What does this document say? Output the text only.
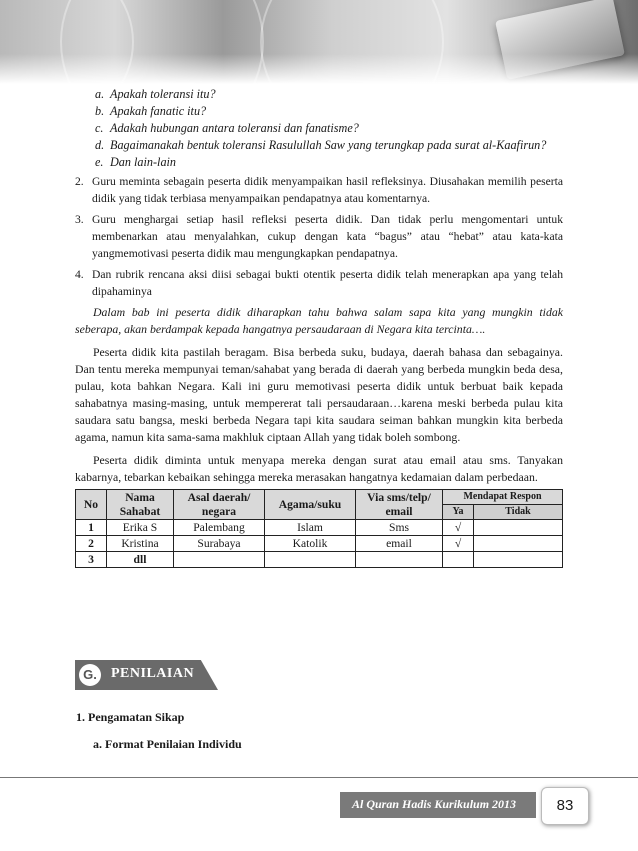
a. Apakah toleransi itu?
b. Apakah fanatic itu?
c. Adakah hubungan antara toleransi dan fanatisme?
d. Bagaimanakah bentuk toleransi Rasulullah Saw yang terungkap pada surat al-Kaafirun?
e. Dan lain-lain
2. Guru meminta sebagain peserta didik menyampaikan hasil refleksinya. Diusahakan memilih peserta didik yang tidak terbiasa menyampaikan pendapatnya atau komentarnya.
3. Guru menghargai setiap hasil refleksi peserta didik. Dan tidak perlu mengomentari untuk membenarkan atau menyalahkan, cukup dengan kata “bagus” atau “hebat” atau kata-kata yangmemotivasi peserta didik mau mengungkapkan pendapatnya.
4. Dan rubrik rencana aksi diisi sebagai bukti otentik peserta didik telah menerapkan apa yang telah dipahaminya

Dalam bab ini peserta didik diharapkan tahu bahwa salam sapa kita yang mungkin tidak seberapa, akan berdampak kepada hangatnya persaudaraan di Negara kita tercinta….

Peserta didik kita pastilah beragam. Bisa berbeda suku, budaya, daerah bahasa dan sebagainya. Dan tentu mereka mempunyai teman/sahabat yang berada di daerah yang berbeda mungkin beda desa, pulau, kota bahkan Negara. Kali ini guru memotivasi peserta didik untuk berbuat baik kepada sahabatnya masing-masing, untuk mempererat tali persaudaraan…karena meski berbeda pulau kita saudara satu bangsa, meski berbeda Negara tapi kita saudara seiman bahkan mungkin kita berbeda agama, namun kita sama-sama makhluk ciptaan Allah yang tidak boleh sombong.

Peserta didik diminta untuk menyapa mereka dengan surat atau email atau sms. Tanyakan kabarnya, tebarkan kebaikan sehingga mereka merasakan hangatnya kedamaian dalam perbedaan.

No	Nama Sahabat	Asal daerah/ negara	Agama/suku	Via sms/telp/ email	Mendapat Respon	
					Ya	Tidak
1	Erika S	Palembang	Islam	Sms	√	
2	Kristina	Surabaya	Katolik	email	√	
3	dll					
G. PENILAIAN
1. Pengamatan Sikap
a. Format Penilaian Individu
Al Quran Hadis Kurikulum 2013	83
